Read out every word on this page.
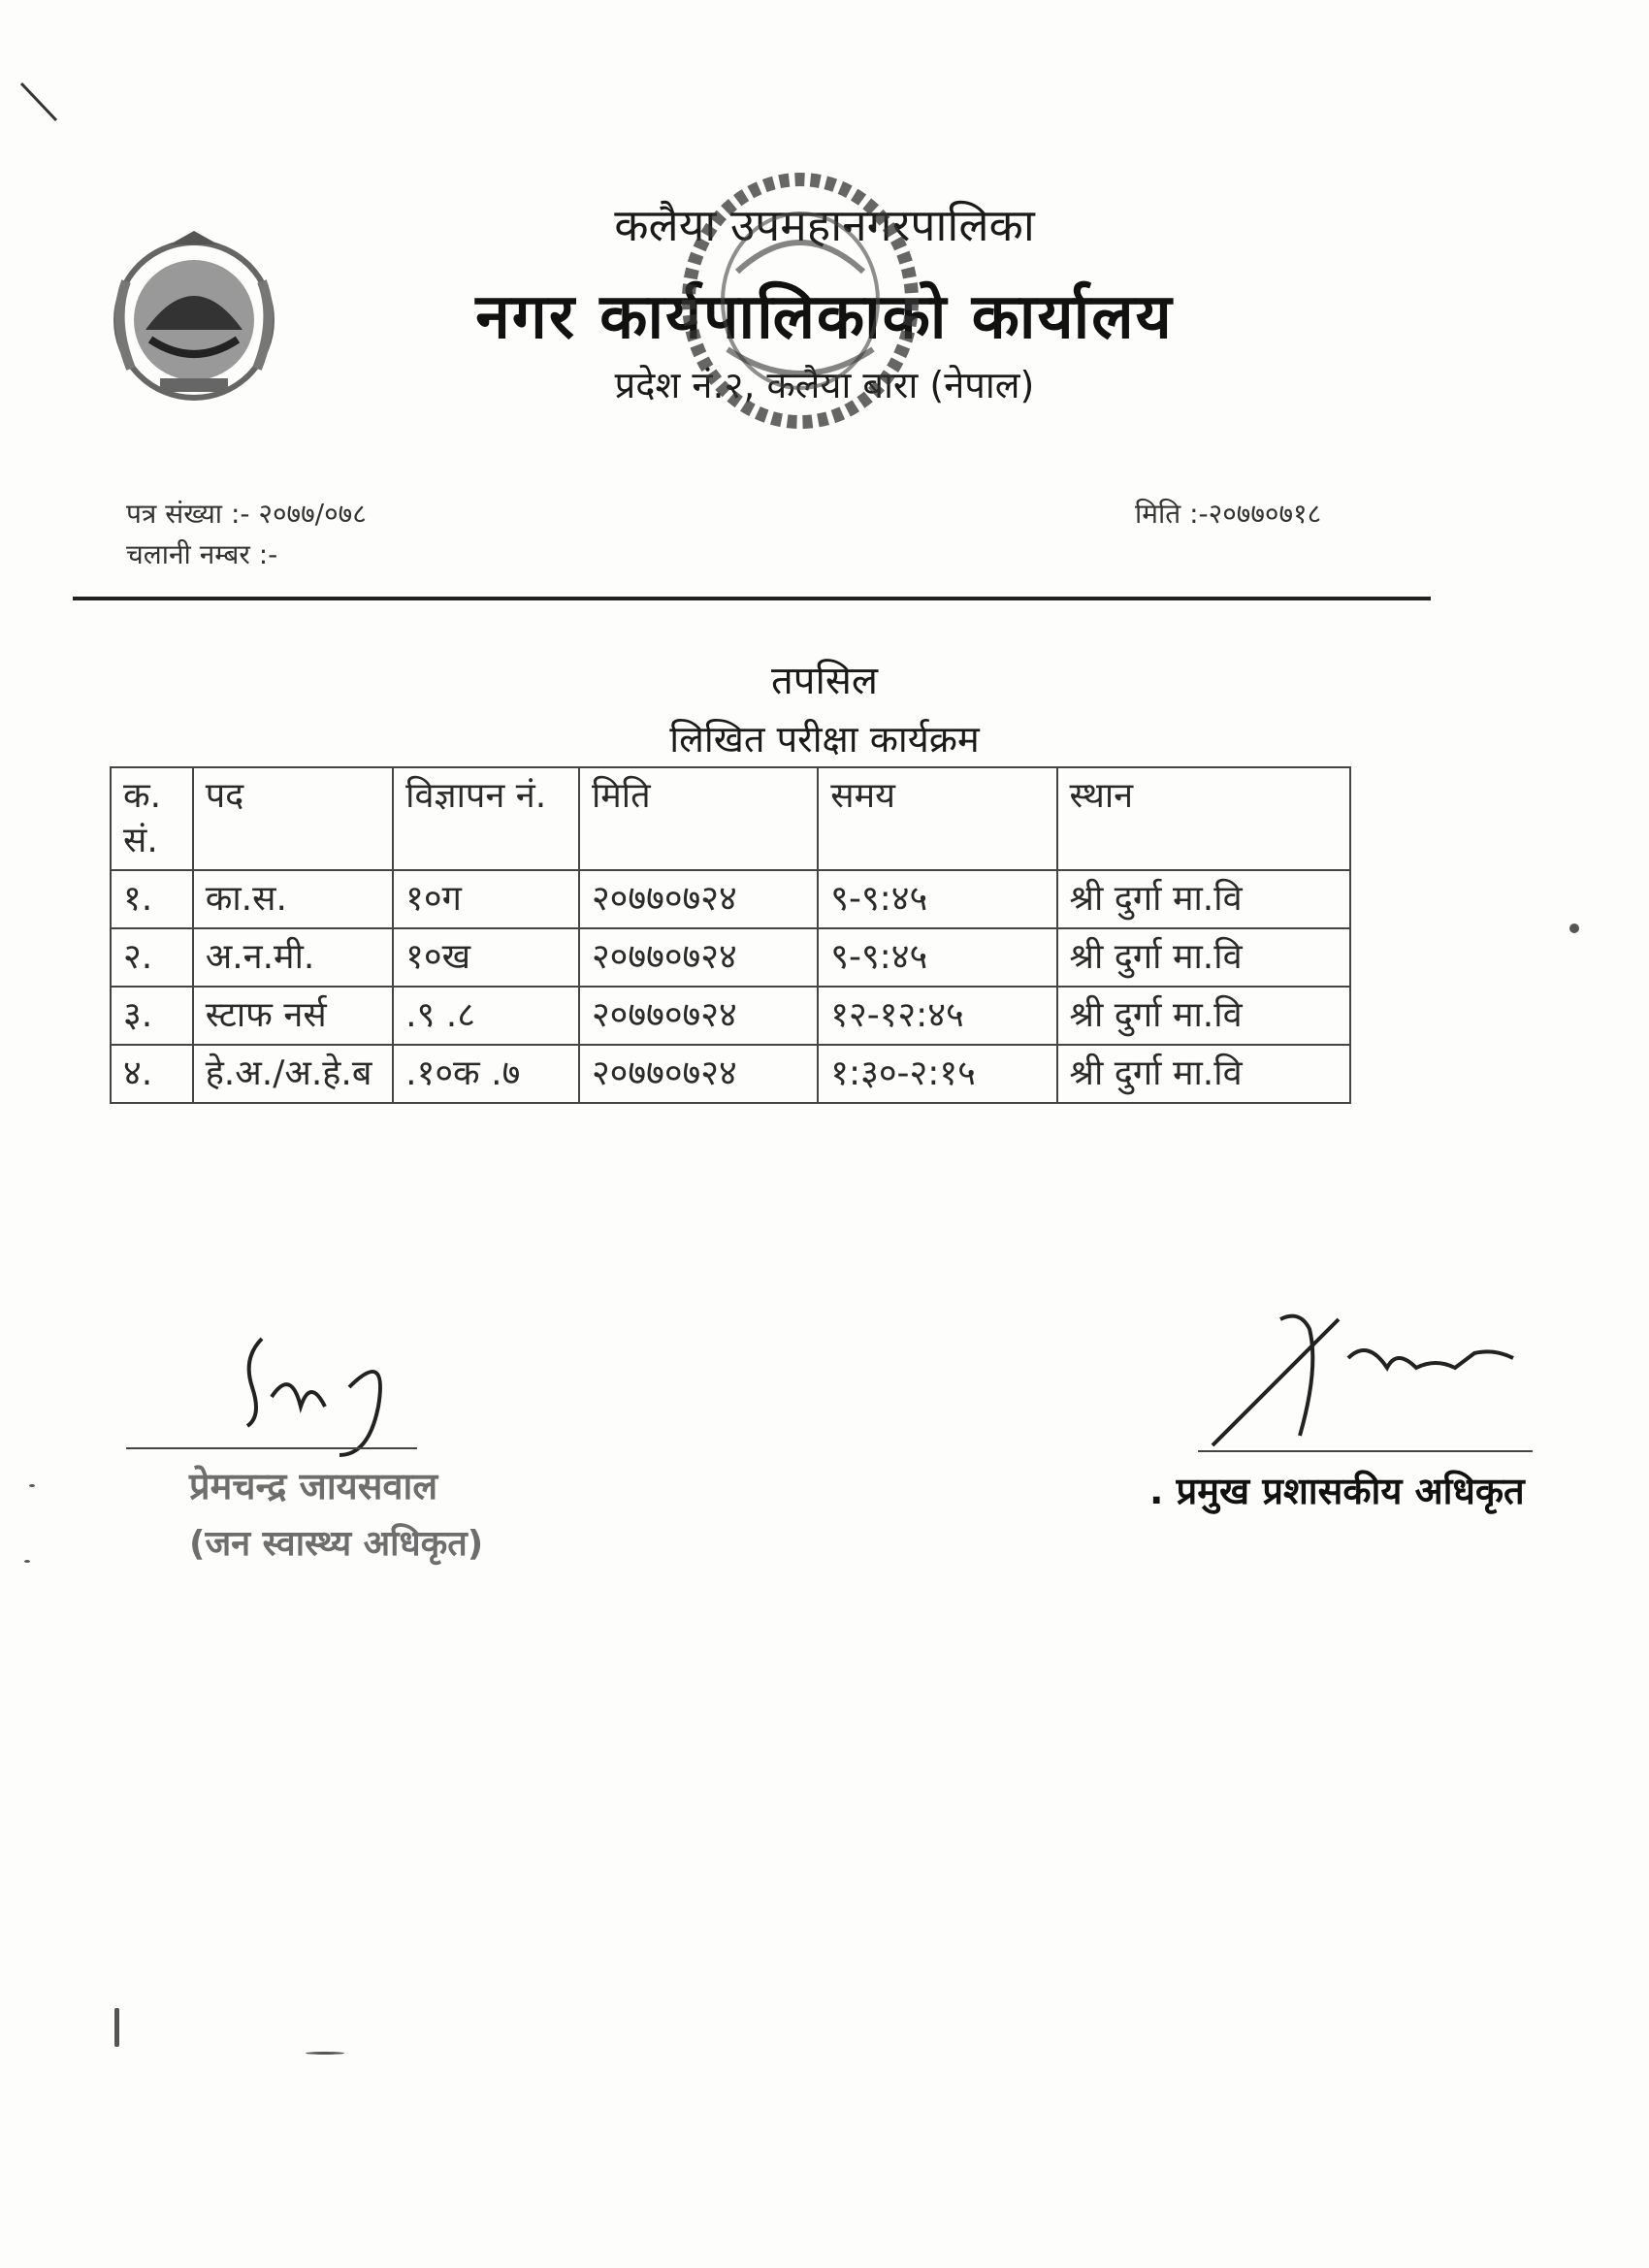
कलैया उपमहानगरपालिका
नगर कार्यपालिकाको कार्यालय
प्रदेश नं.२, कलैया बारा (नेपाल)
पत्र संख्या :- २०७७/०७८
चलानी नम्बर :-
मिति :-२०७७०७१८
तपसिल
लिखित परीक्षा कार्यक्रम
क. सं.	पद	विज्ञापन नं.	मिति	समय	स्थान
१.	का.स.	१०ग	२०७७०७२४	९-९:४५	श्री दुर्गा मा.वि
२.	अ.न.मी.	१०ख	२०७७०७२४	९-९:४५	श्री दुर्गा मा.वि
३.	स्टाफ नर्स	.९ .८	२०७७०७२४	१२-१२:४५	श्री दुर्गा मा.वि
४.	हे.अ./अ.हे.ब	.१०क .७	२०७७०७२४	१:३०-२:१५	श्री दुर्गा मा.वि
प्रेमचन्द्र जायसवाल
(जन स्वास्थ्य अधिकृत)
. प्रमुख प्रशासकीय अधिकृत
